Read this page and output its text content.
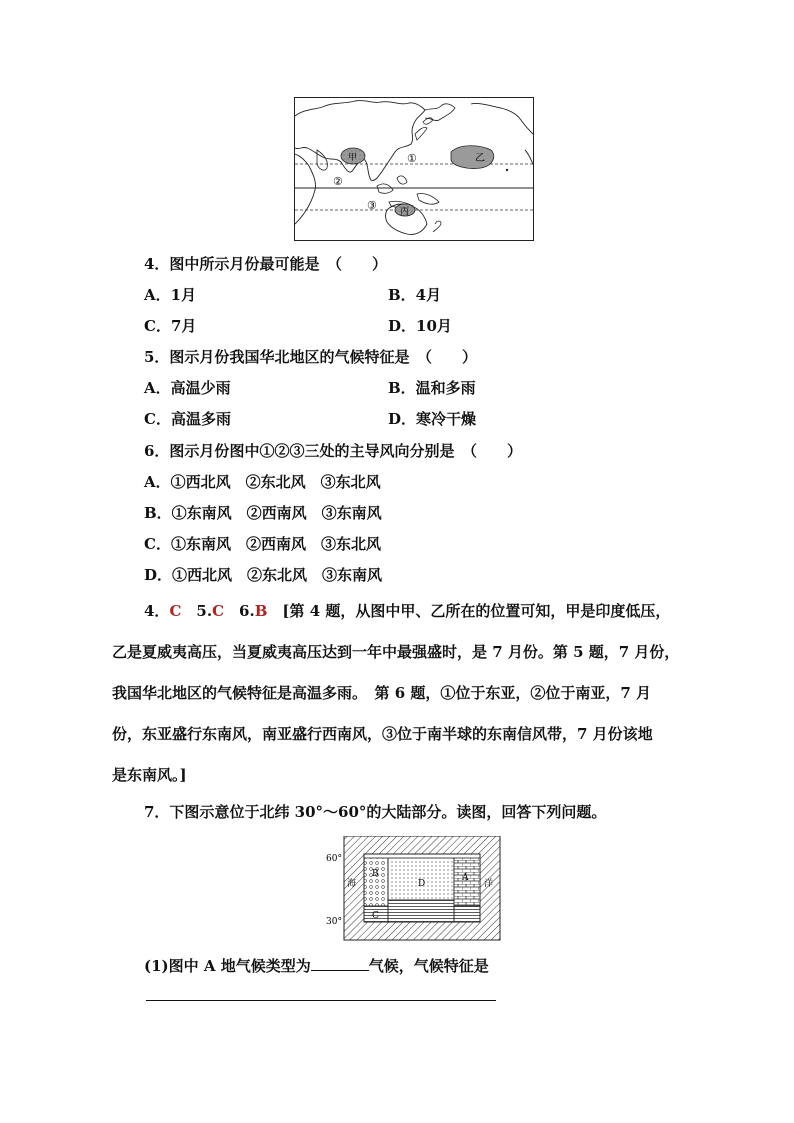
甲	乙
丙
①
②
③
4．图中所示月份最可能是　（　　）
A．1月	B．4月
C．7月	D．10月
5．图示月份我国华北地区的气候特征是　（　　）
A．高温少雨	B．温和多雨
C．高温多雨	D．寒冷干燥
6．图示月份图中①②③三处的主导风向分别是　（　　）
A．①西北风　②东北风　③东北风
B．①东南风　②西南风　③东南风
C．①东南风　②西南风　③东北风
D．①西北风　②东北风　③东南风
4．C　 5.C　 6.B　 [第 4 题，从图中甲、乙所在的位置可知，甲是印度低压，
乙是夏威夷高压，当夏威夷高压达到一年中最强盛时，是 7 月份。第 5 题，7 月份，
我国华北地区的气候特征是高温多雨。　第 6 题，①位于东亚，②位于南亚，7 月
份，东亚盛行东南风，南亚盛行西南风，③位于南半球的东南信风带，7 月份该地
是东南风。]
7．下图示意位于北纬 30°～60°的大陆部分。读图，回答下列问题。
60°
30°
海	洋
B
C
D
A
(1)图中 A 地气候类型为	气候，气候特征是
